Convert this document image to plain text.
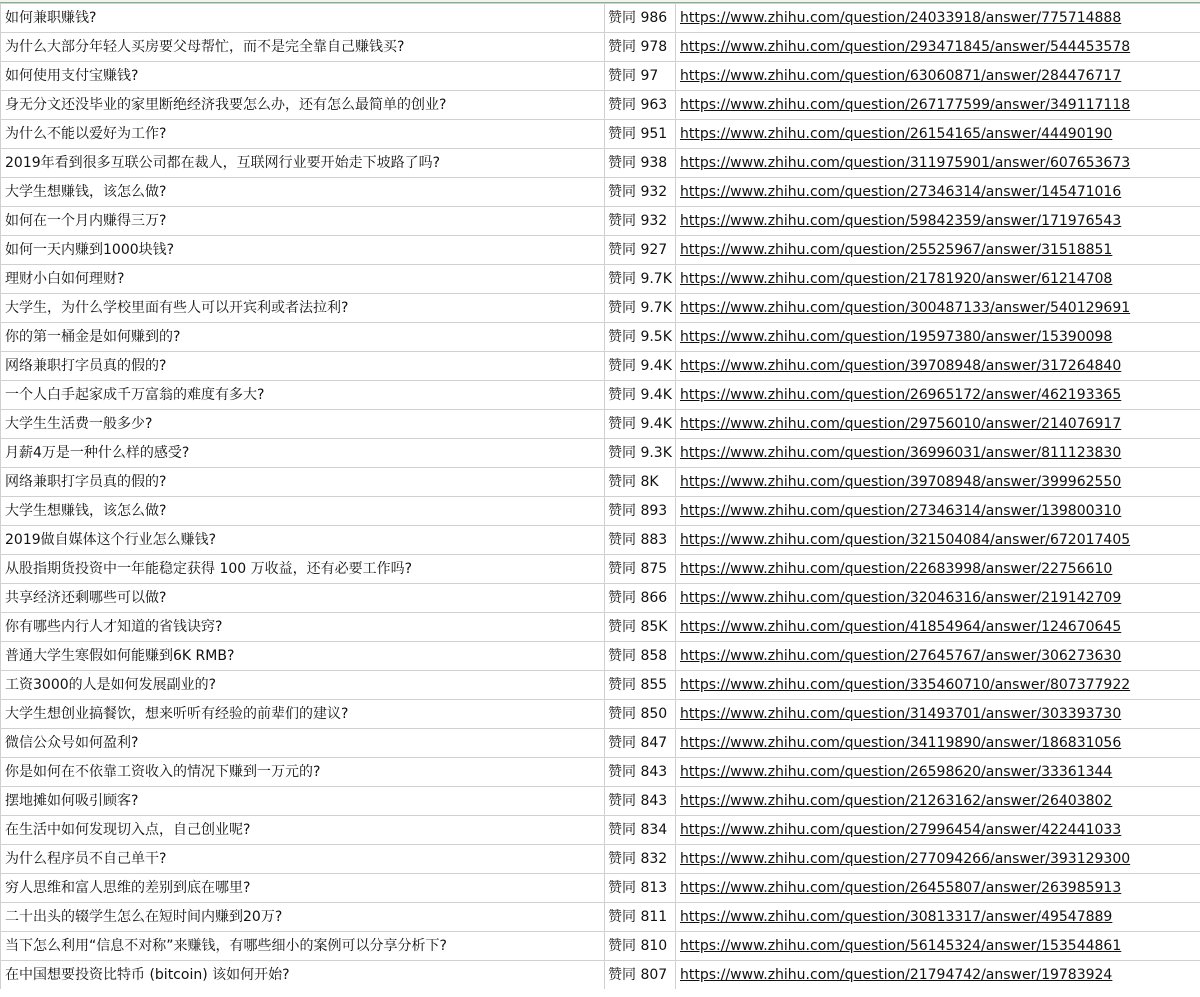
如何兼职赚钱?	赞同 986	https://www.zhihu.com/question/24033918/answer/775714888
为什么大部分年轻人买房要父母帮忙，而不是完全靠自己赚钱买?	赞同 978	https://www.zhihu.com/question/293471845/answer/544453578
如何使用支付宝赚钱?	赞同 97	https://www.zhihu.com/question/63060871/answer/284476717
身无分文还没毕业的家里断绝经济我要怎么办，还有怎么最简单的创业?	赞同 963	https://www.zhihu.com/question/267177599/answer/349117118
为什么不能以爱好为工作?	赞同 951	https://www.zhihu.com/question/26154165/answer/44490190
2019年看到很多互联公司都在裁人，互联网行业要开始走下坡路了吗?	赞同 938	https://www.zhihu.com/question/311975901/answer/607653673
大学生想赚钱，该怎么做?	赞同 932	https://www.zhihu.com/question/27346314/answer/145471016
如何在一个月内赚得三万?	赞同 932	https://www.zhihu.com/question/59842359/answer/171976543
如何一天内赚到1000块钱?	赞同 927	https://www.zhihu.com/question/25525967/answer/31518851
理财小白如何理财?	赞同 9.7K	https://www.zhihu.com/question/21781920/answer/61214708
大学生，为什么学校里面有些人可以开宾利或者法拉利?	赞同 9.7K	https://www.zhihu.com/question/300487133/answer/540129691
你的第一桶金是如何赚到的?	赞同 9.5K	https://www.zhihu.com/question/19597380/answer/15390098
网络兼职打字员真的假的?	赞同 9.4K	https://www.zhihu.com/question/39708948/answer/317264840
一个人白手起家成千万富翁的难度有多大?	赞同 9.4K	https://www.zhihu.com/question/26965172/answer/462193365
大学生生活费一般多少?	赞同 9.4K	https://www.zhihu.com/question/29756010/answer/214076917
月薪4万是一种什么样的感受?	赞同 9.3K	https://www.zhihu.com/question/36996031/answer/811123830
网络兼职打字员真的假的?	赞同 8K	https://www.zhihu.com/question/39708948/answer/399962550
大学生想赚钱，该怎么做?	赞同 893	https://www.zhihu.com/question/27346314/answer/139800310
2019做自媒体这个行业怎么赚钱?	赞同 883	https://www.zhihu.com/question/321504084/answer/672017405
从股指期货投资中一年能稳定获得 100 万收益，还有必要工作吗?	赞同 875	https://www.zhihu.com/question/22683998/answer/22756610
共享经济还剩哪些可以做?	赞同 866	https://www.zhihu.com/question/32046316/answer/219142709
你有哪些内行人才知道的省钱诀窍?	赞同 85K	https://www.zhihu.com/question/41854964/answer/124670645
普通大学生寒假如何能赚到6K RMB?	赞同 858	https://www.zhihu.com/question/27645767/answer/306273630
工资3000的人是如何发展副业的?	赞同 855	https://www.zhihu.com/question/335460710/answer/807377922
大学生想创业搞餐饮，想来听听有经验的前辈们的建议?	赞同 850	https://www.zhihu.com/question/31493701/answer/303393730
微信公众号如何盈利?	赞同 847	https://www.zhihu.com/question/34119890/answer/186831056
你是如何在不依靠工资收入的情况下赚到一万元的?	赞同 843	https://www.zhihu.com/question/26598620/answer/33361344
摆地摊如何吸引顾客?	赞同 843	https://www.zhihu.com/question/21263162/answer/26403802
在生活中如何发现切入点，自己创业呢?	赞同 834	https://www.zhihu.com/question/27996454/answer/422441033
为什么程序员不自己单干?	赞同 832	https://www.zhihu.com/question/277094266/answer/393129300
穷人思维和富人思维的差别到底在哪里?	赞同 813	https://www.zhihu.com/question/26455807/answer/263985913
二十出头的辍学生怎么在短时间内赚到20万?	赞同 811	https://www.zhihu.com/question/30813317/answer/49547889
当下怎么利用“信息不对称”来赚钱，有哪些细小的案例可以分享分析下?	赞同 810	https://www.zhihu.com/question/56145324/answer/153544861
在中国想要投资比特币 (bitcoin) 该如何开始?	赞同 807	https://www.zhihu.com/question/21794742/answer/19783924
